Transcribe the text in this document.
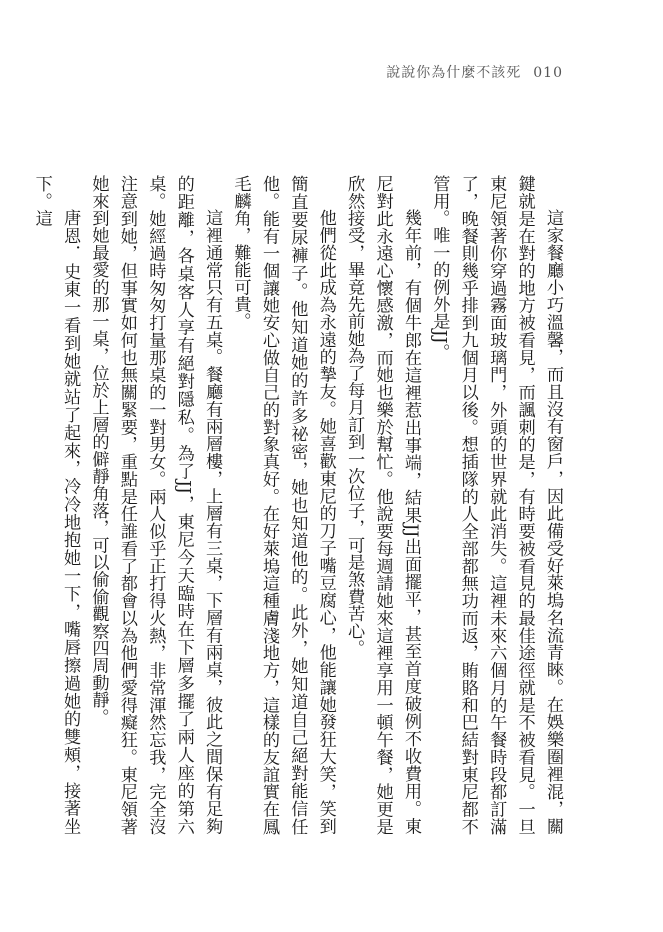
說說你為什麼不該死 010

這家餐廳小巧溫馨，而且沒有窗戶，因此備受好萊塢名流青睞。在娛樂圈裡混，關鍵就是在對的地方被看見，而諷刺的是，有時要被看見的最佳途徑就是不被看見。一旦東尼領著你穿過霧面玻璃門，外頭的世界就此消失。這裡未來六個月的午餐時段都訂滿了，晚餐則幾乎排到九個月以後。想插隊的人全部都無功而返，賄賂和巴結對東尼都不管用。唯一的例外是JJ。

幾年前，有個牛郎在這裡惹出事端，結果JJ出面擺平，甚至首度破例不收費用。東尼對此永遠心懷感激，而她也樂於幫忙。他說要每週請她來這裡享用一頓午餐，她更是欣然接受，畢竟先前她為了每月訂到一次位子，可是煞費苦心。

他們從此成為永遠的摯友。她喜歡東尼的刀子嘴豆腐心，他能讓她發狂大笑，笑到簡直要尿褲子。他知道她的許多祕密，她也知道他的。此外，她知道自己絕對能信任他。能有一個讓她安心做自己的對象真好。在好萊塢這種膚淺地方，這樣的友誼實在鳳毛麟角，難能可貴。

這裡通常只有五桌。餐廳有兩層樓，上層有三桌，下層有兩桌，彼此之間保有足夠的距離，各桌客人享有絕對隱私。為了JJ，東尼今天臨時在下層多擺了兩人座的第六桌。她經過時匆匆打量那桌的一對男女。兩人似乎正打得火熱，非常渾然忘我，完全沒注意到她，但事實如何也無關緊要，重點是任誰看了都會以為他們愛得癡狂。東尼領著她來到她最愛的那一桌，位於上層的僻靜角落，可以偷偷觀察四周動靜。

唐恩．史東一看到她就站了起來，冷冷地抱她一下，嘴唇擦過她的雙頰，接著坐下。這
